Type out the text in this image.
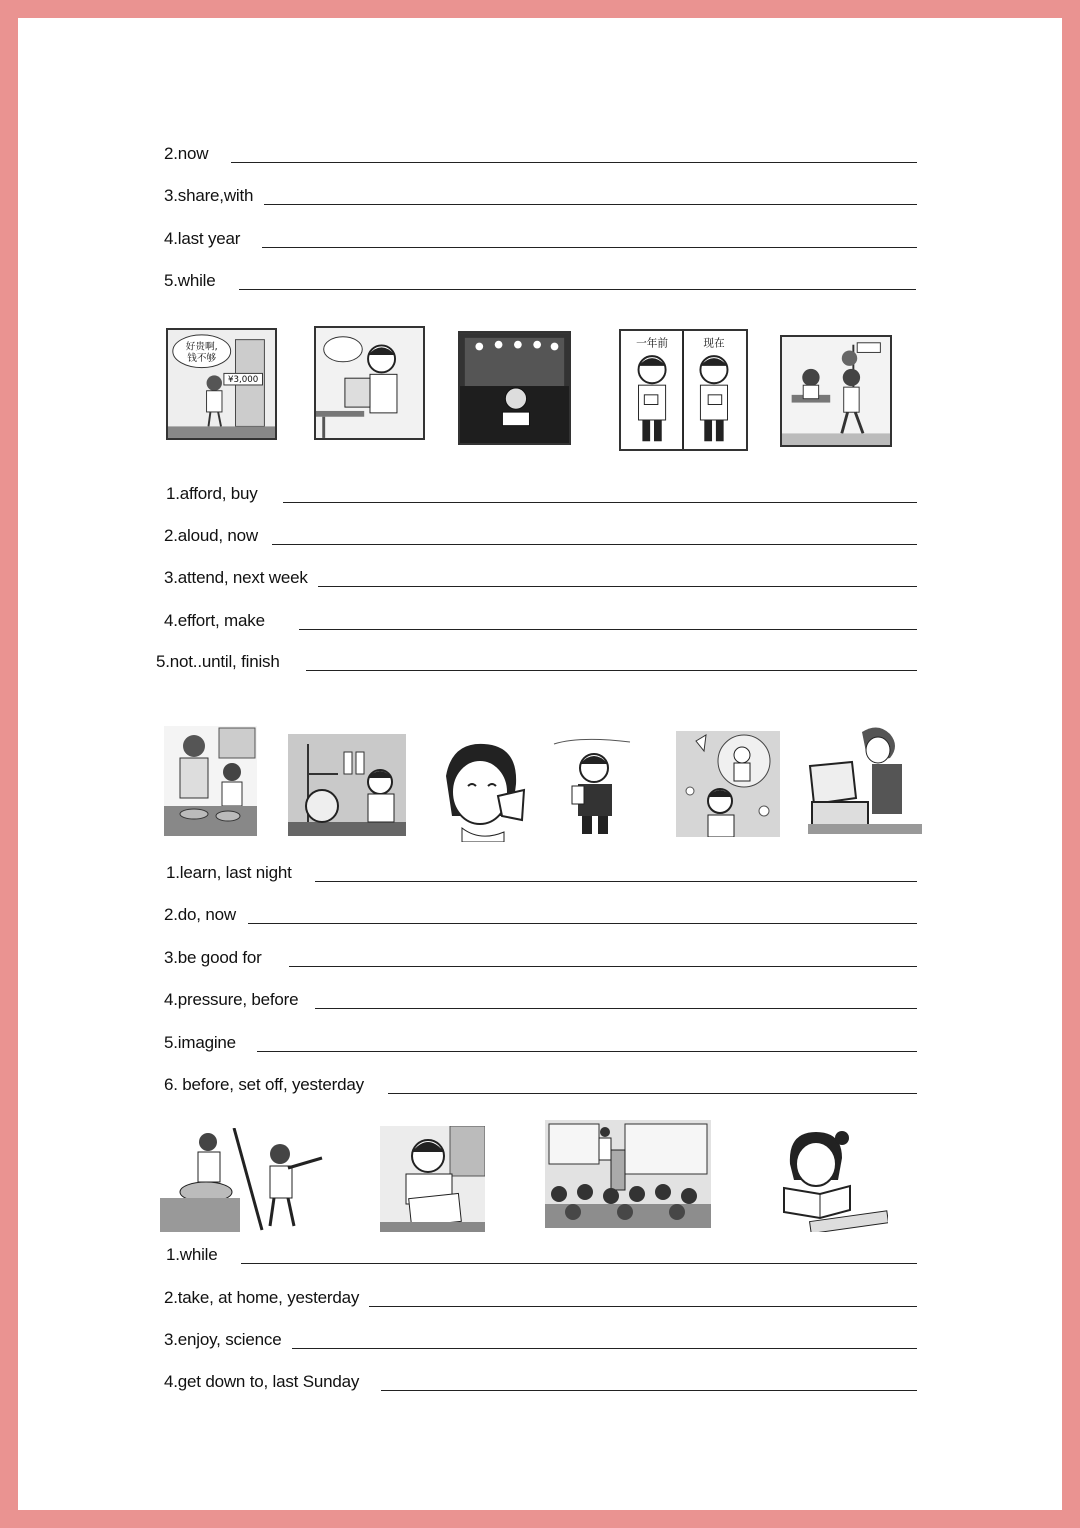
2.now
3.share,with
4.last year
5.while
好贵啊,
钱不够
¥3,000
一年前	现在
1.afford, buy
2.aloud, now
3.attend, next week
4.effort, make
5.not..until, finish
1.learn, last night
2.do, now
3.be good for
4.pressure, before
5.imagine
6. before, set off, yesterday
1.while
2.take, at home, yesterday
3.enjoy, science
4.get down to, last Sunday
